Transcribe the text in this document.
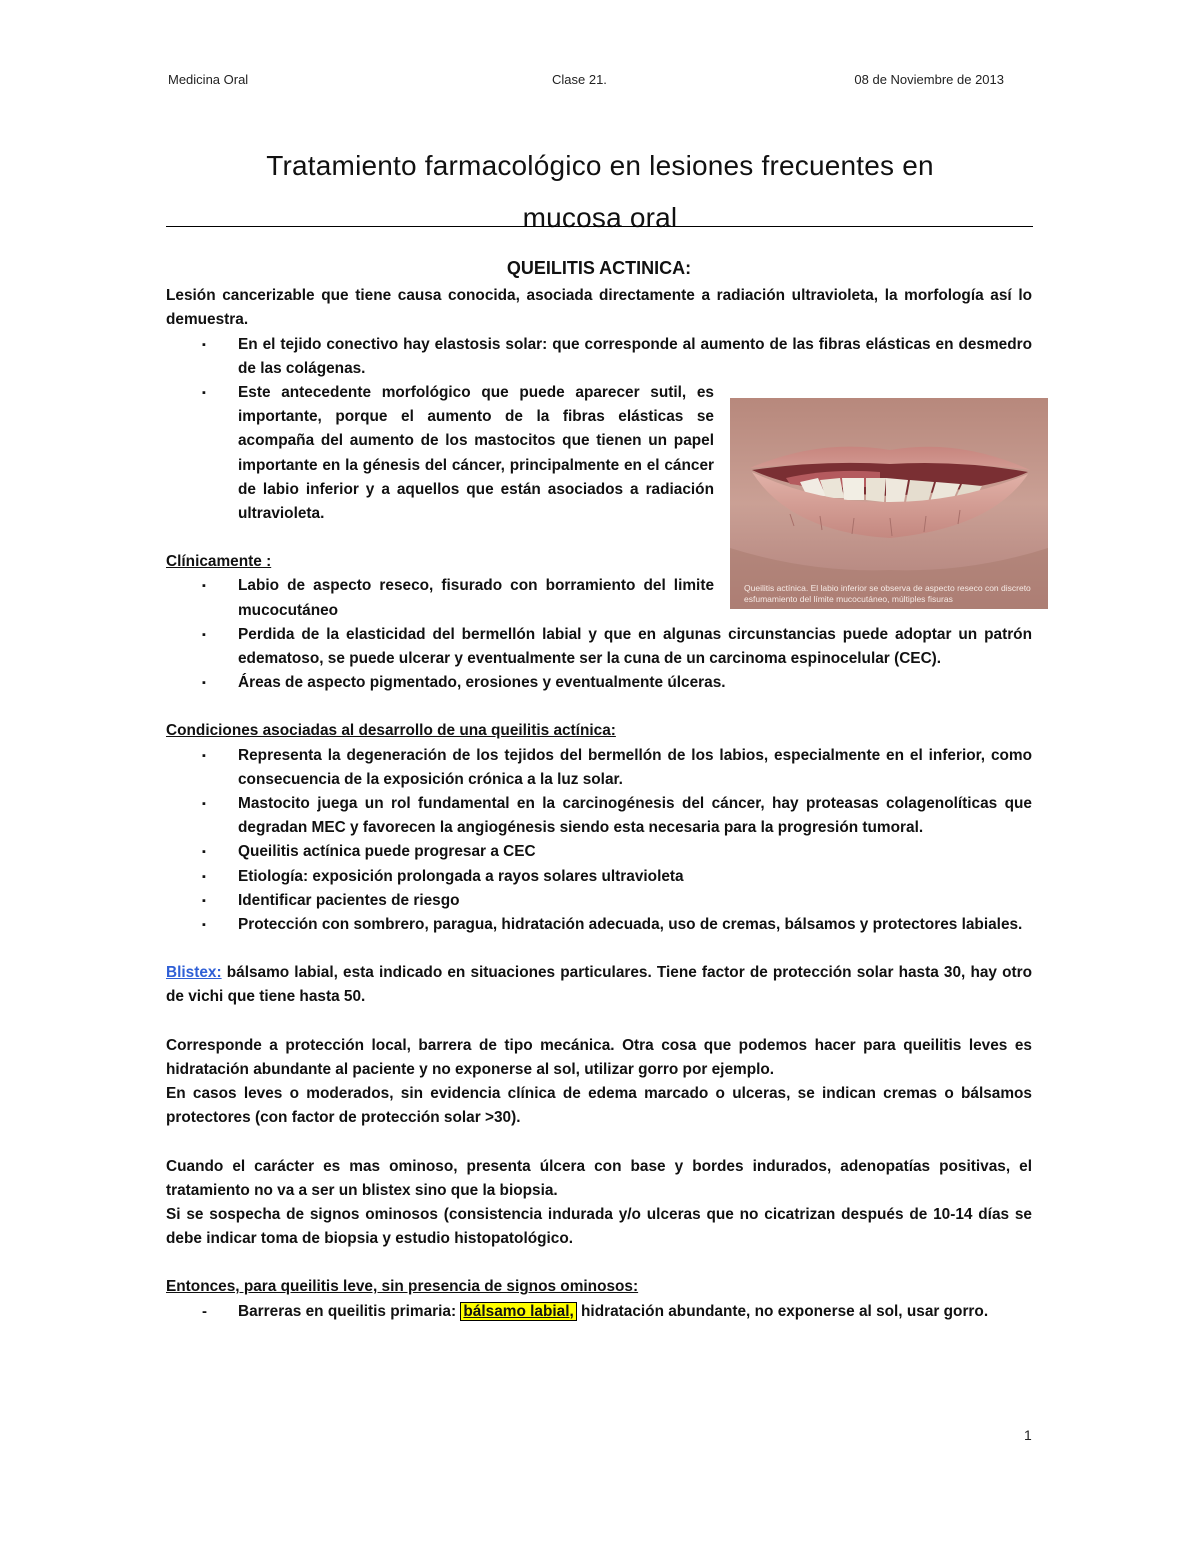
Medicina Oral	Clase 21.	08 de Noviembre de 2013
Tratamiento farmacológico en lesiones frecuentes en
mucosa oral
Queilitis actínica. El labio inferior se observa de aspecto reseco con discreto esfumamiento del límite mucocutáneo, múltiples fisuras

QUEILITIS ACTINICA:

Lesión cancerizable que tiene causa conocida, asociada directamente a radiación ultravioleta, la morfología así lo demuestra.

▪ En el tejido conectivo hay elastosis solar: que corresponde al aumento de las fibras elásticas en desmedro de las colágenas.
▪ Este antecedente morfológico que puede aparecer sutil, es importante, porque el aumento de la fibras elásticas se acompaña del aumento de los mastocitos que tienen un papel importante en la génesis del cáncer, principalmente en el cáncer de labio inferior y a aquellos que están asociados a radiación ultravioleta.

Clínicamente :

▪ Labio de aspecto reseco, fisurado con borramiento del limite mucocutáneo
▪ Perdida de la elasticidad del bermellón labial y que en algunas circunstancias puede adoptar un patrón edematoso, se puede ulcerar y eventualmente ser la cuna de un carcinoma espinocelular (CEC).
▪ Áreas de aspecto pigmentado, erosiones y eventualmente úlceras.

Condiciones asociadas al desarrollo de una queilitis actínica:

▪ Representa la degeneración de los tejidos del bermellón de los labios, especialmente en el inferior, como consecuencia de la exposición crónica a la luz solar.
▪ Mastocito juega un rol fundamental en la carcinogénesis del cáncer, hay proteasas colagenolíticas que degradan MEC y favorecen la angiogénesis siendo esta necesaria para la progresión tumoral.
▪ Queilitis actínica puede progresar a CEC
▪ Etiología: exposición prolongada a rayos solares ultravioleta
▪ Identificar pacientes de riesgo
▪ Protección con sombrero, paragua, hidratación adecuada, uso de cremas, bálsamos y protectores labiales.

Blistex: bálsamo labial, esta indicado en situaciones particulares. Tiene factor de protección solar hasta 30, hay otro de vichi que tiene hasta 50.

Corresponde a protección local, barrera de tipo mecánica. Otra cosa que podemos hacer para queilitis leves es hidratación abundante al paciente y no exponerse al sol, utilizar gorro por ejemplo.

En casos leves o moderados, sin evidencia clínica de edema marcado o ulceras, se indican cremas o bálsamos protectores (con factor de protección solar >30).

Cuando el carácter es mas ominoso, presenta úlcera con base y bordes indurados, adenopatías positivas, el tratamiento no va a ser un blistex sino que la biopsia.

Si se sospecha de signos ominosos (consistencia indurada y/o ulceras que no cicatrizan después de 10-14 días se debe indicar toma de biopsia y estudio histopatológico.

Entonces, para queilitis leve, sin presencia de signos ominosos:

- Barreras en queilitis primaria: bálsamo labial, hidratación abundante, no exponerse al sol, usar gorro.
1
